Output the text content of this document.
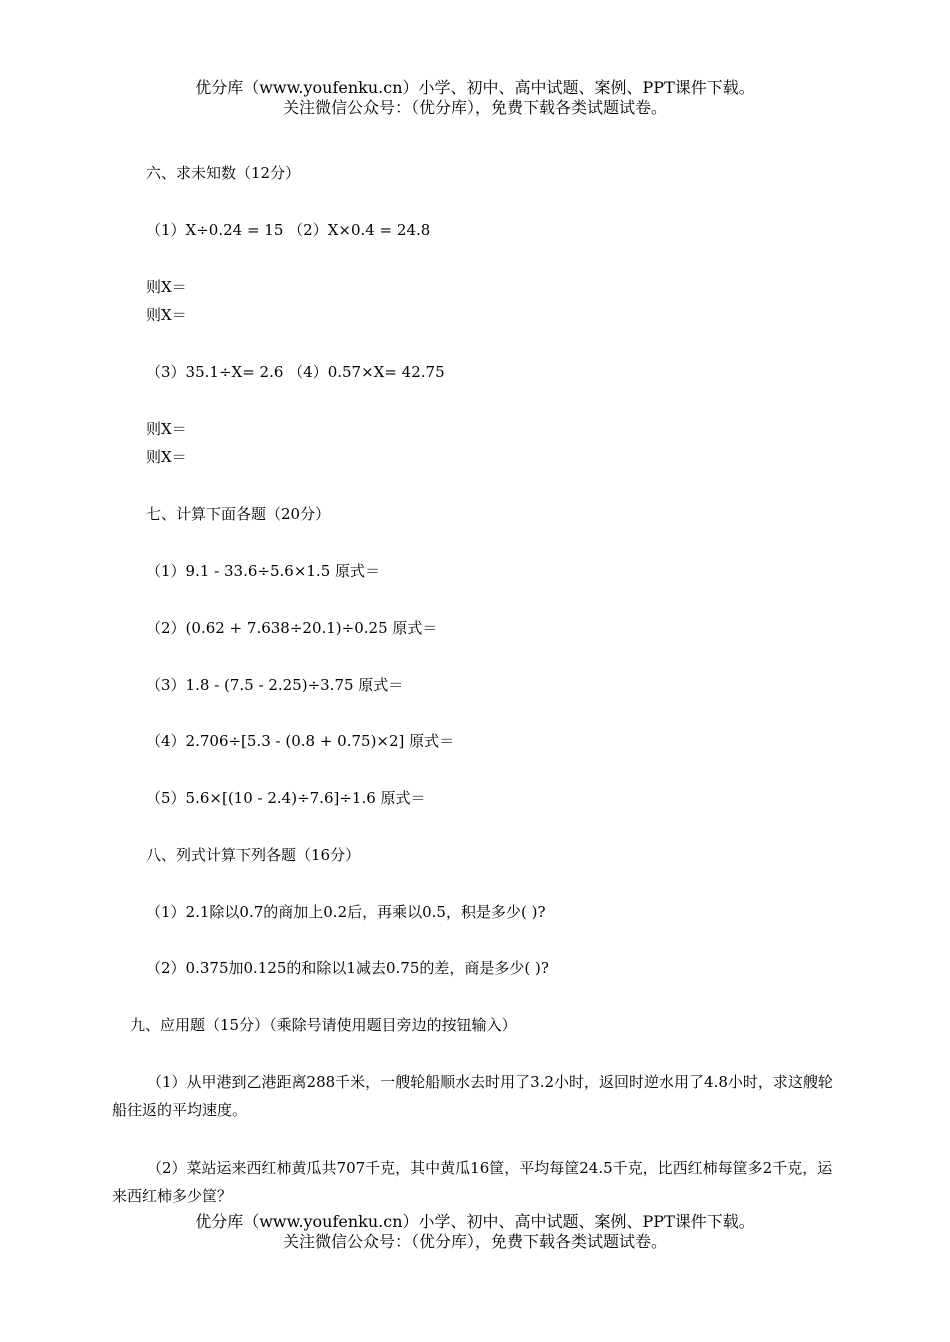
优分库（www.youfenku.cn）小学、初中、高中试题、案例、PPT课件下载。
关注微信公众号：（优分库），免费下载各类试题试卷。
六、求未知数（12分）
（1）X÷0.24 = 15 （2）X×0.4 = 24.8
则X＝
则X＝
（3）35.1÷X= 2.6 （4）0.57×X= 42.75
则X＝
则X＝
七、计算下面各题（20分）
（1）9.1 - 33.6÷5.6×1.5 原式＝
（2）(0.62 + 7.638÷20.1)÷0.25 原式＝
（3）1.8 - (7.5 - 2.25)÷3.75 原式＝
（4）2.706÷[5.3 - (0.8 + 0.75)×2] 原式＝
（5）5.6×[(10 - 2.4)÷7.6]÷1.6 原式＝
八、列式计算下列各题（16分）
（1）2.1除以0.7的商加上0.2后，再乘以0.5，积是多少( )?
（2）0.375加0.125的和除以1减去0.75的差，商是多少( )?
九、应用题（15分）（乘除号请使用题目旁边的按钮输入）
（1）从甲港到乙港距离288千米，一艘轮船顺水去时用了3.2小时，返回时逆水用了4.8小时，求这艘轮船往返的平均速度。
（2）菜站运来西红柿黄瓜共707千克，其中黄瓜16筐，平均每筐24.5千克，比西红柿每筐多2千克，运来西红柿多少筐？
优分库（www.youfenku.cn）小学、初中、高中试题、案例、PPT课件下载。
关注微信公众号：（优分库），免费下载各类试题试卷。
